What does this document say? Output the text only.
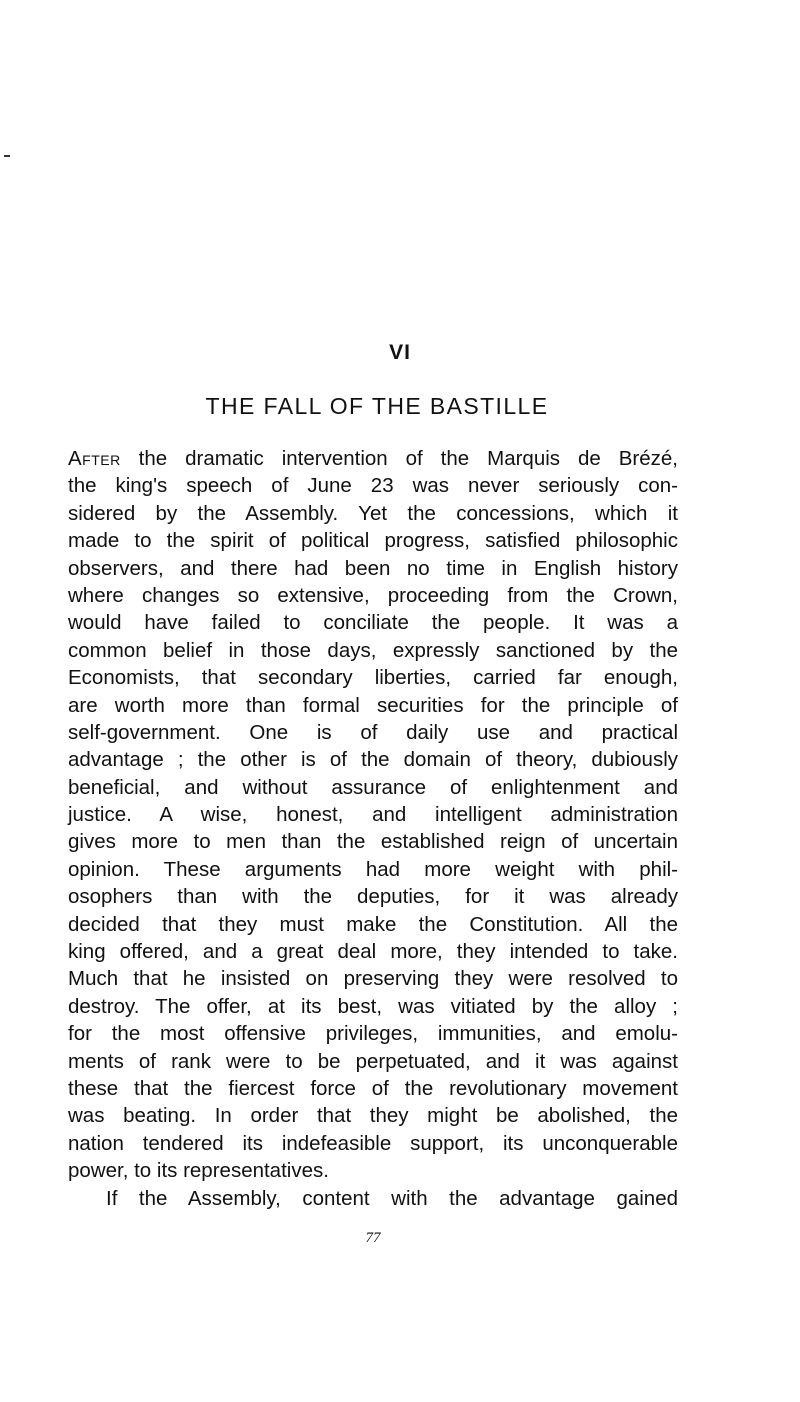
VI
THE FALL OF THE BASTILLE
After the dramatic intervention of the Marquis de Brézé,
the king's speech of June 23 was never seriously con-
sidered by the Assembly. Yet the concessions, which it
made to the spirit of political progress, satisfied philosophic
observers, and there had been no time in English history
where changes so extensive, proceeding from the Crown,
would have failed to conciliate the people. It was a
common belief in those days, expressly sanctioned by the
Economists, that secondary liberties, carried far enough,
are worth more than formal securities for the principle of
self-government. One is of daily use and practical
advantage ; the other is of the domain of theory, dubiously
beneficial, and without assurance of enlightenment and
justice. A wise, honest, and intelligent administration
gives more to men than the established reign of uncertain
opinion. These arguments had more weight with phil-
osophers than with the deputies, for it was already
decided that they must make the Constitution. All the
king offered, and a great deal more, they intended to take.
Much that he insisted on preserving they were resolved to
destroy. The offer, at its best, was vitiated by the alloy ;
for the most offensive privileges, immunities, and emolu-
ments of rank were to be perpetuated, and it was against
these that the fiercest force of the revolutionary movement
was beating. In order that they might be abolished, the
nation tendered its indefeasible support, its unconquerable
power, to its representatives.
If the Assembly, content with the advantage gained
77
